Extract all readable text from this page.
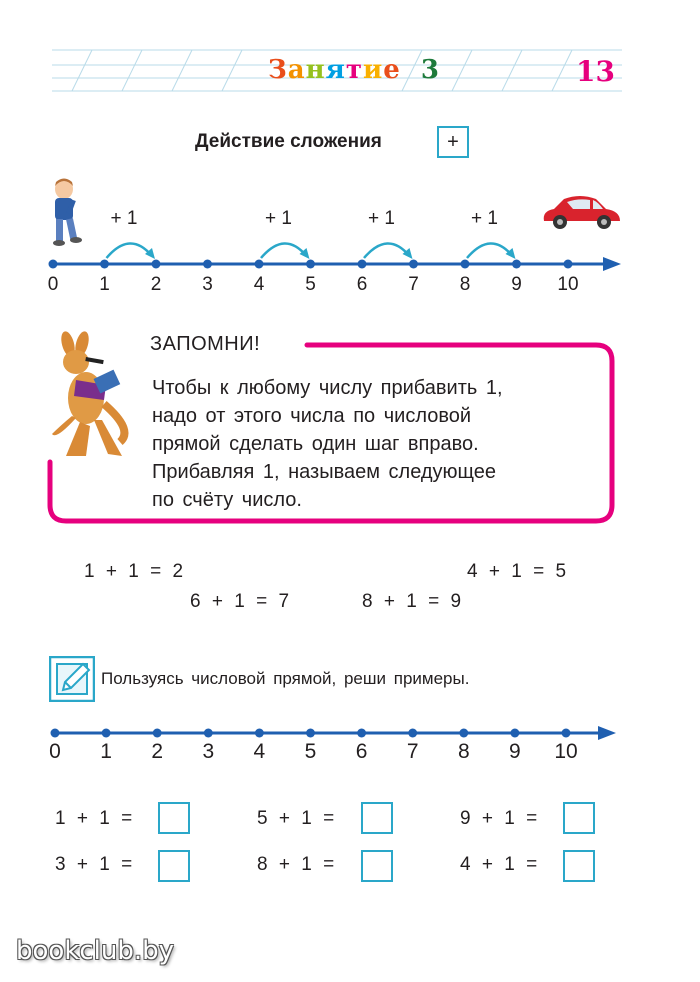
Занятие 3	13
Действие сложения	+
0	1	2	3	4	5	6	7	8	9	10
+ 1	+ 1	+ 1	+ 1
ЗАПОМНИ!
Чтобы к любому числу прибавить 1,
надо от этого числа по числовой
прямой сделать один шаг вправо.
Прибавляя 1, называем следующее
по счёту число.
1 + 1 = 2	4 + 1 = 5
6 + 1 = 7	8 + 1 = 9
Пользуясь числовой прямой, реши примеры.
0	1	2	3	4	5	6	7	8	9	10
1 + 1 =	5 + 1 =	9 + 1 =
3 + 1 =	8 + 1 =	4 + 1 =
bookclub.by
